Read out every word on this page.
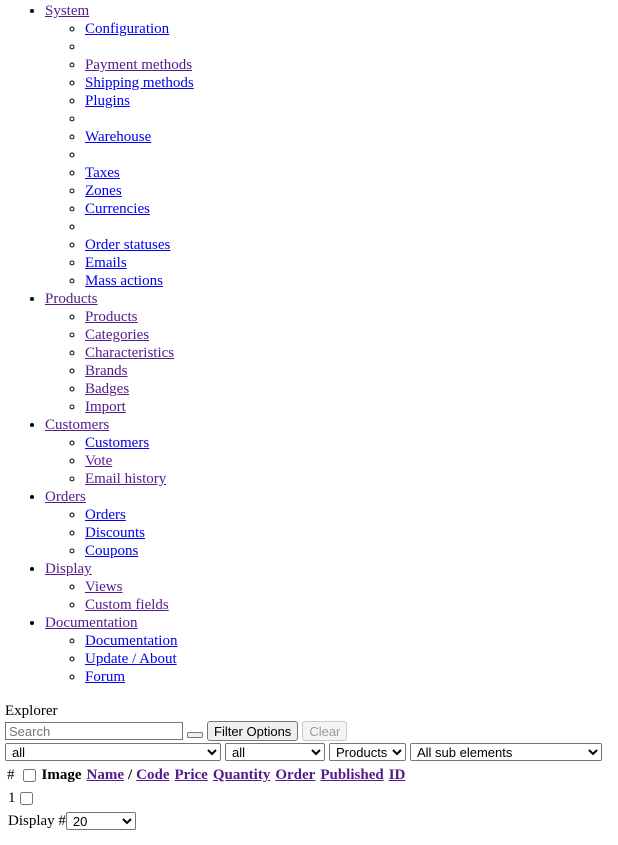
• System
◦ Configuration
◦
◦ Payment methods
◦ Shipping methods
◦ Plugins
◦
◦ Warehouse
◦
◦ Taxes
◦ Zones
◦ Currencies
◦
◦ Order statuses
◦ Emails
◦ Mass actions
• Products
◦ Products
◦ Categories
◦ Characteristics
◦ Brands
◦ Badges
◦ Import
• Customers
◦ Customers
◦ Vote
◦ Email history
• Orders
◦ Orders
◦ Discounts
◦ Coupons
• Display
◦ Views
◦ Custom fields
• Documentation
◦ Documentation
◦ Update / About
◦ Forum
Explorer
Search
Filter Options	Clear
all
all
Products
All sub elements
# Image Name / Code Price Quantity Order Published ID
1
Display #
20
